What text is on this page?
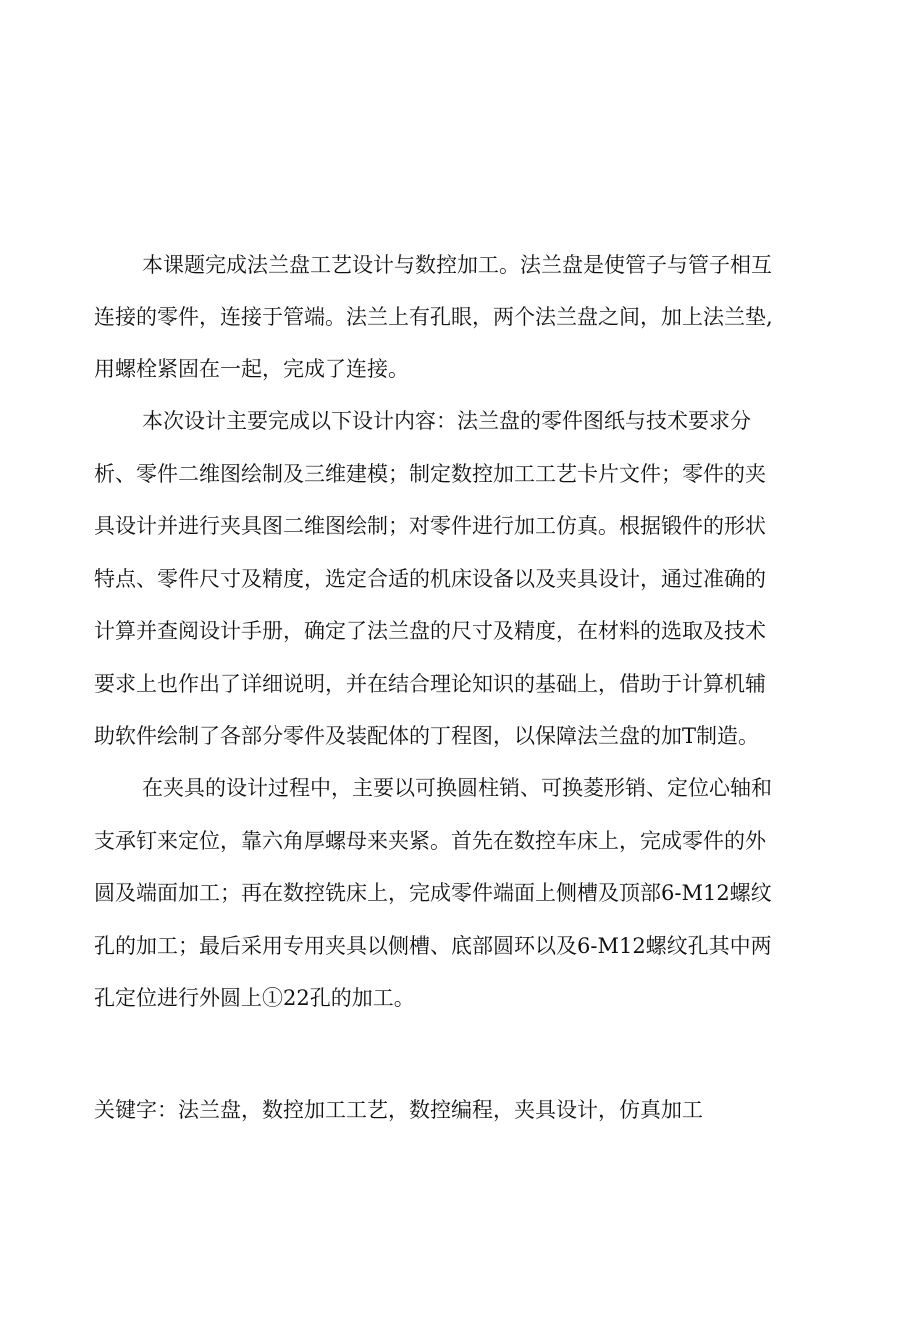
本课题完成法兰盘工艺设计与数控加工。法兰盘是使管子与管子相互
连接的零件，连接于管端。法兰上有孔眼，两个法兰盘之间，加上法兰垫,
用螺栓紧固在一起，完成了连接。
本次设计主要完成以下设计内容：法兰盘的零件图纸与技术要求分
析、零件二维图绘制及三维建模；制定数控加工工艺卡片文件；零件的夹
具设计并进行夹具图二维图绘制；对零件进行加工仿真。根据锻件的形状
特点、零件尺寸及精度，选定合适的机床设备以及夹具设计，通过准确的
计算并查阅设计手册，确定了法兰盘的尺寸及精度，在材料的选取及技术
要求上也作出了详细说明，并在结合理论知识的基础上，借助于计算机辅
助软件绘制了各部分零件及装配体的丁程图，以保障法兰盘的加T制造。
在夹具的设计过程中，主要以可换圆柱销、可换菱形销、定位心轴和
支承钉来定位，靠六角厚螺母来夹紧。首先在数控车床上，完成零件的外
圆及端面加工；再在数控铣床上，完成零件端面上侧槽及顶部6-M12螺纹
孔的加工；最后采用专用夹具以侧槽、底部圆环以及6-M12螺纹孔其中两
孔定位进行外圆上①22孔的加工。
关键字：法兰盘，数控加工工艺，数控编程，夹具设计，仿真加工
